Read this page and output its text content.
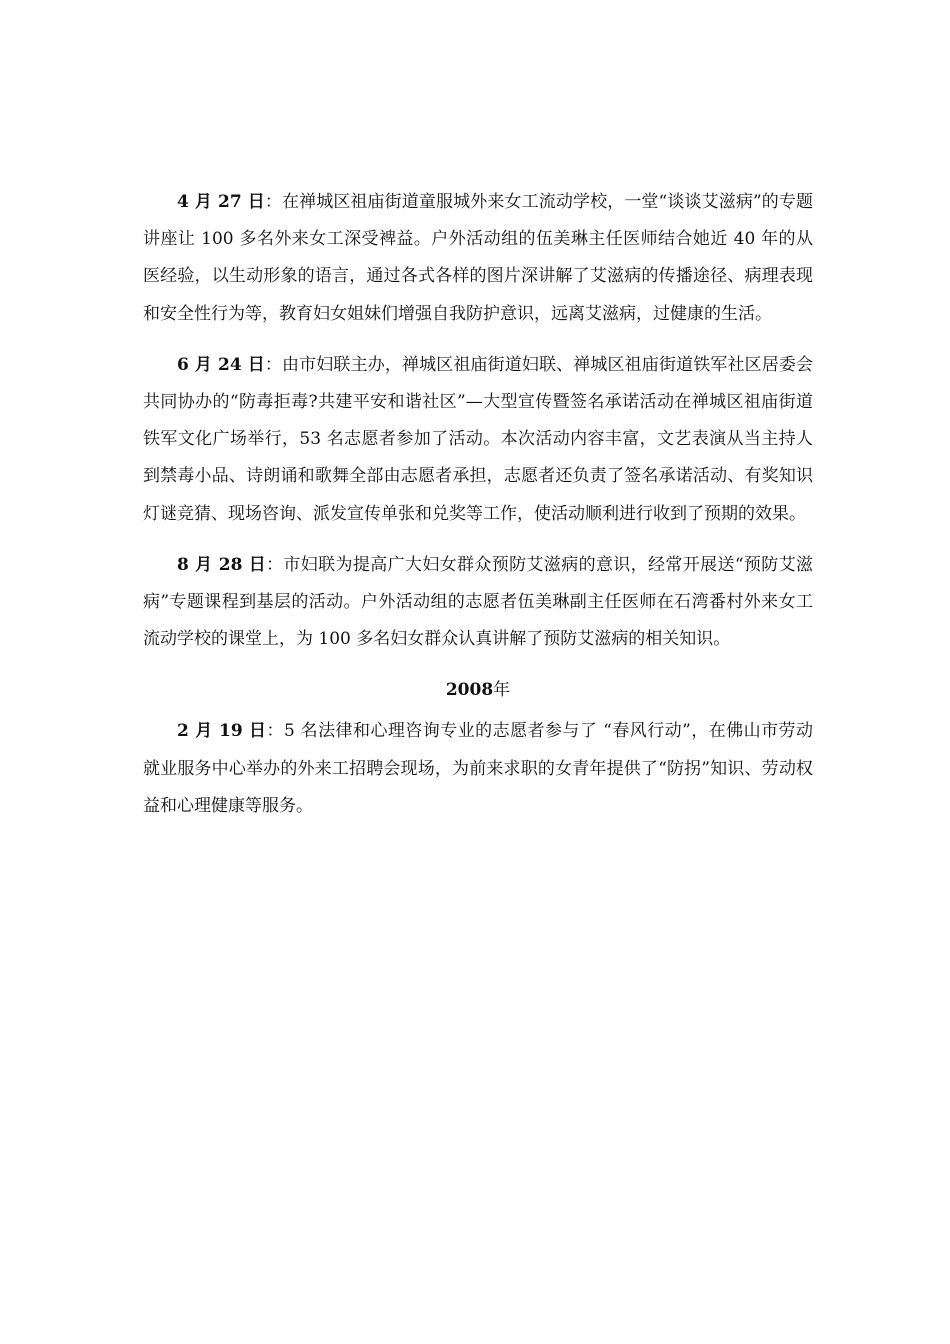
4 月 27 日：在禅城区祖庙街道童服城外来女工流动学校，一堂“谈谈艾滋病”的专题讲座让 100 多名外来女工深受裨益。户外活动组的伍美琳主任医师结合她近 40 年的从医经验，以生动形象的语言，通过各式各样的图片深讲解了艾滋病的传播途径、病理表现和安全性行为等，教育妇女姐妹们增强自我防护意识，远离艾滋病，过健康的生活。

6 月 24 日：由市妇联主办，禅城区祖庙街道妇联、禅城区祖庙街道铁军社区居委会共同协办的“防毒拒毒?共建平安和谐社区”—大型宣传暨签名承诺活动在禅城区祖庙街道铁军文化广场举行，53 名志愿者参加了活动。本次活动内容丰富，文艺表演从当主持人到禁毒小品、诗朗诵和歌舞全部由志愿者承担，志愿者还负责了签名承诺活动、有奖知识灯谜竞猜、现场咨询、派发宣传单张和兑奖等工作，使活动顺利进行收到了预期的效果。

8 月 28 日：市妇联为提高广大妇女群众预防艾滋病的意识，经常开展送“预防艾滋病”专题课程到基层的活动。户外活动组的志愿者伍美琳副主任医师在石湾番村外来女工流动学校的课堂上，为 100 多名妇女群众认真讲解了预防艾滋病的相关知识。

2008年

2 月 19 日：5 名法律和心理咨询专业的志愿者参与了 “春风行动”，在佛山市劳动就业服务中心举办的外来工招聘会现场，为前来求职的女青年提供了“防拐”知识、劳动权益和心理健康等服务。
